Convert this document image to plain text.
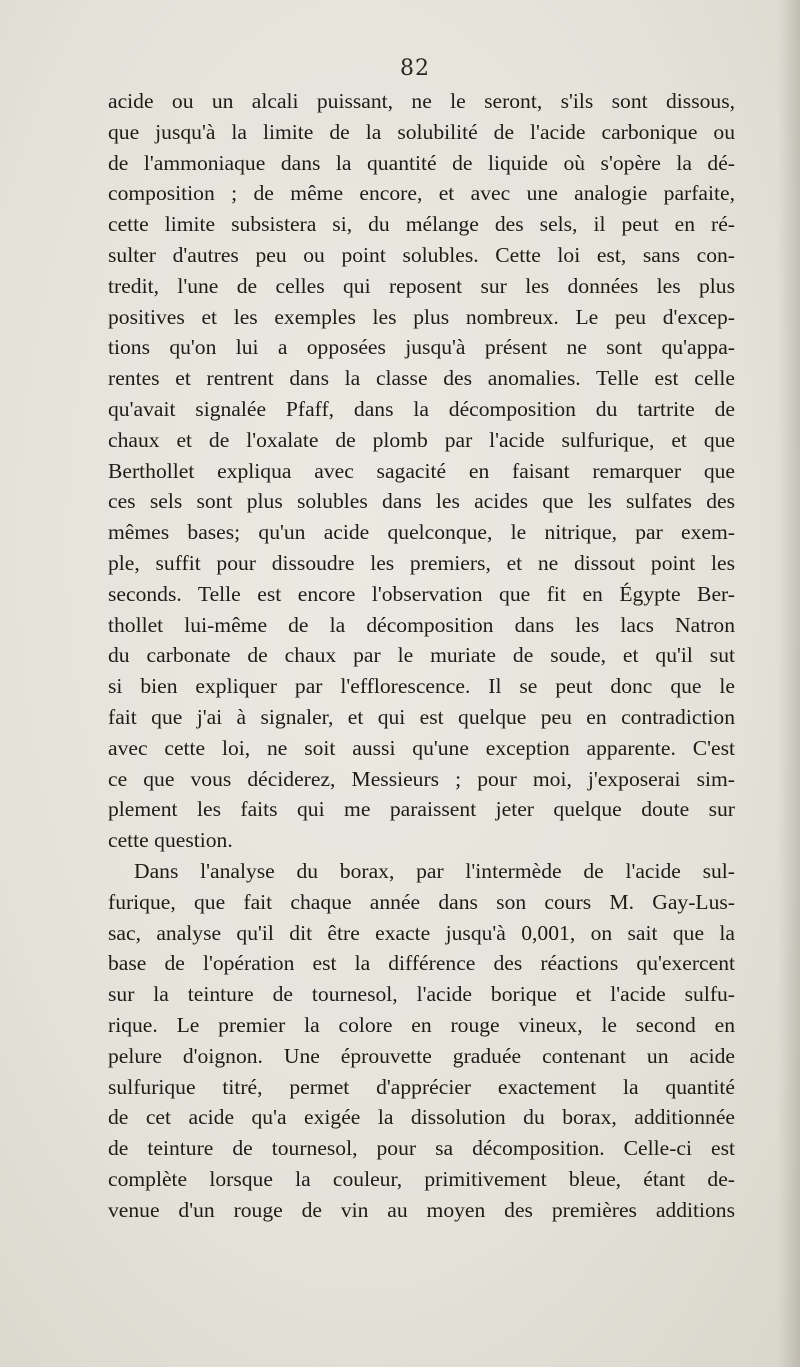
82
acide ou un alcali puissant, ne le seront, s'ils sont dissous,
que jusqu'à la limite de la solubilité de l'acide carbonique ou
de l'ammoniaque dans la quantité de liquide où s'opère la dé-
composition ; de même encore, et avec une analogie parfaite,
cette limite subsistera si, du mélange des sels, il peut en ré-
sulter d'autres peu ou point solubles. Cette loi est, sans con-
tredit, l'une de celles qui reposent sur les données les plus
positives et les exemples les plus nombreux. Le peu d'excep-
tions qu'on lui a opposées jusqu'à présent ne sont qu'appa-
rentes et rentrent dans la classe des anomalies. Telle est celle
qu'avait signalée Pfaff, dans la décomposition du tartrite de
chaux et de l'oxalate de plomb par l'acide sulfurique, et que
Berthollet expliqua avec sagacité en faisant remarquer que
ces sels sont plus solubles dans les acides que les sulfates des
mêmes bases; qu'un acide quelconque, le nitrique, par exem-
ple, suffit pour dissoudre les premiers, et ne dissout point les
seconds. Telle est encore l'observation que fit en Égypte Ber-
thollet lui-même de la décomposition dans les lacs Natron
du carbonate de chaux par le muriate de soude, et qu'il sut
si bien expliquer par l'efflorescence. Il se peut donc que le
fait que j'ai à signaler, et qui est quelque peu en contradiction
avec cette loi, ne soit aussi qu'une exception apparente. C'est
ce que vous déciderez, Messieurs ; pour moi, j'exposerai sim-
plement les faits qui me paraissent jeter quelque doute sur
cette question.
Dans l'analyse du borax, par l'intermède de l'acide sul-
furique, que fait chaque année dans son cours M. Gay-Lus-
sac, analyse qu'il dit être exacte jusqu'à 0,001, on sait que la
base de l'opération est la différence des réactions qu'exercent
sur la teinture de tournesol, l'acide borique et l'acide sulfu-
rique. Le premier la colore en rouge vineux, le second en
pelure d'oignon. Une éprouvette graduée contenant un acide
sulfurique titré, permet d'apprécier exactement la quantité
de cet acide qu'a exigée la dissolution du borax, additionnée
de teinture de tournesol, pour sa décomposition. Celle-ci est
complète lorsque la couleur, primitivement bleue, étant de-
venue d'un rouge de vin au moyen des premières additions
